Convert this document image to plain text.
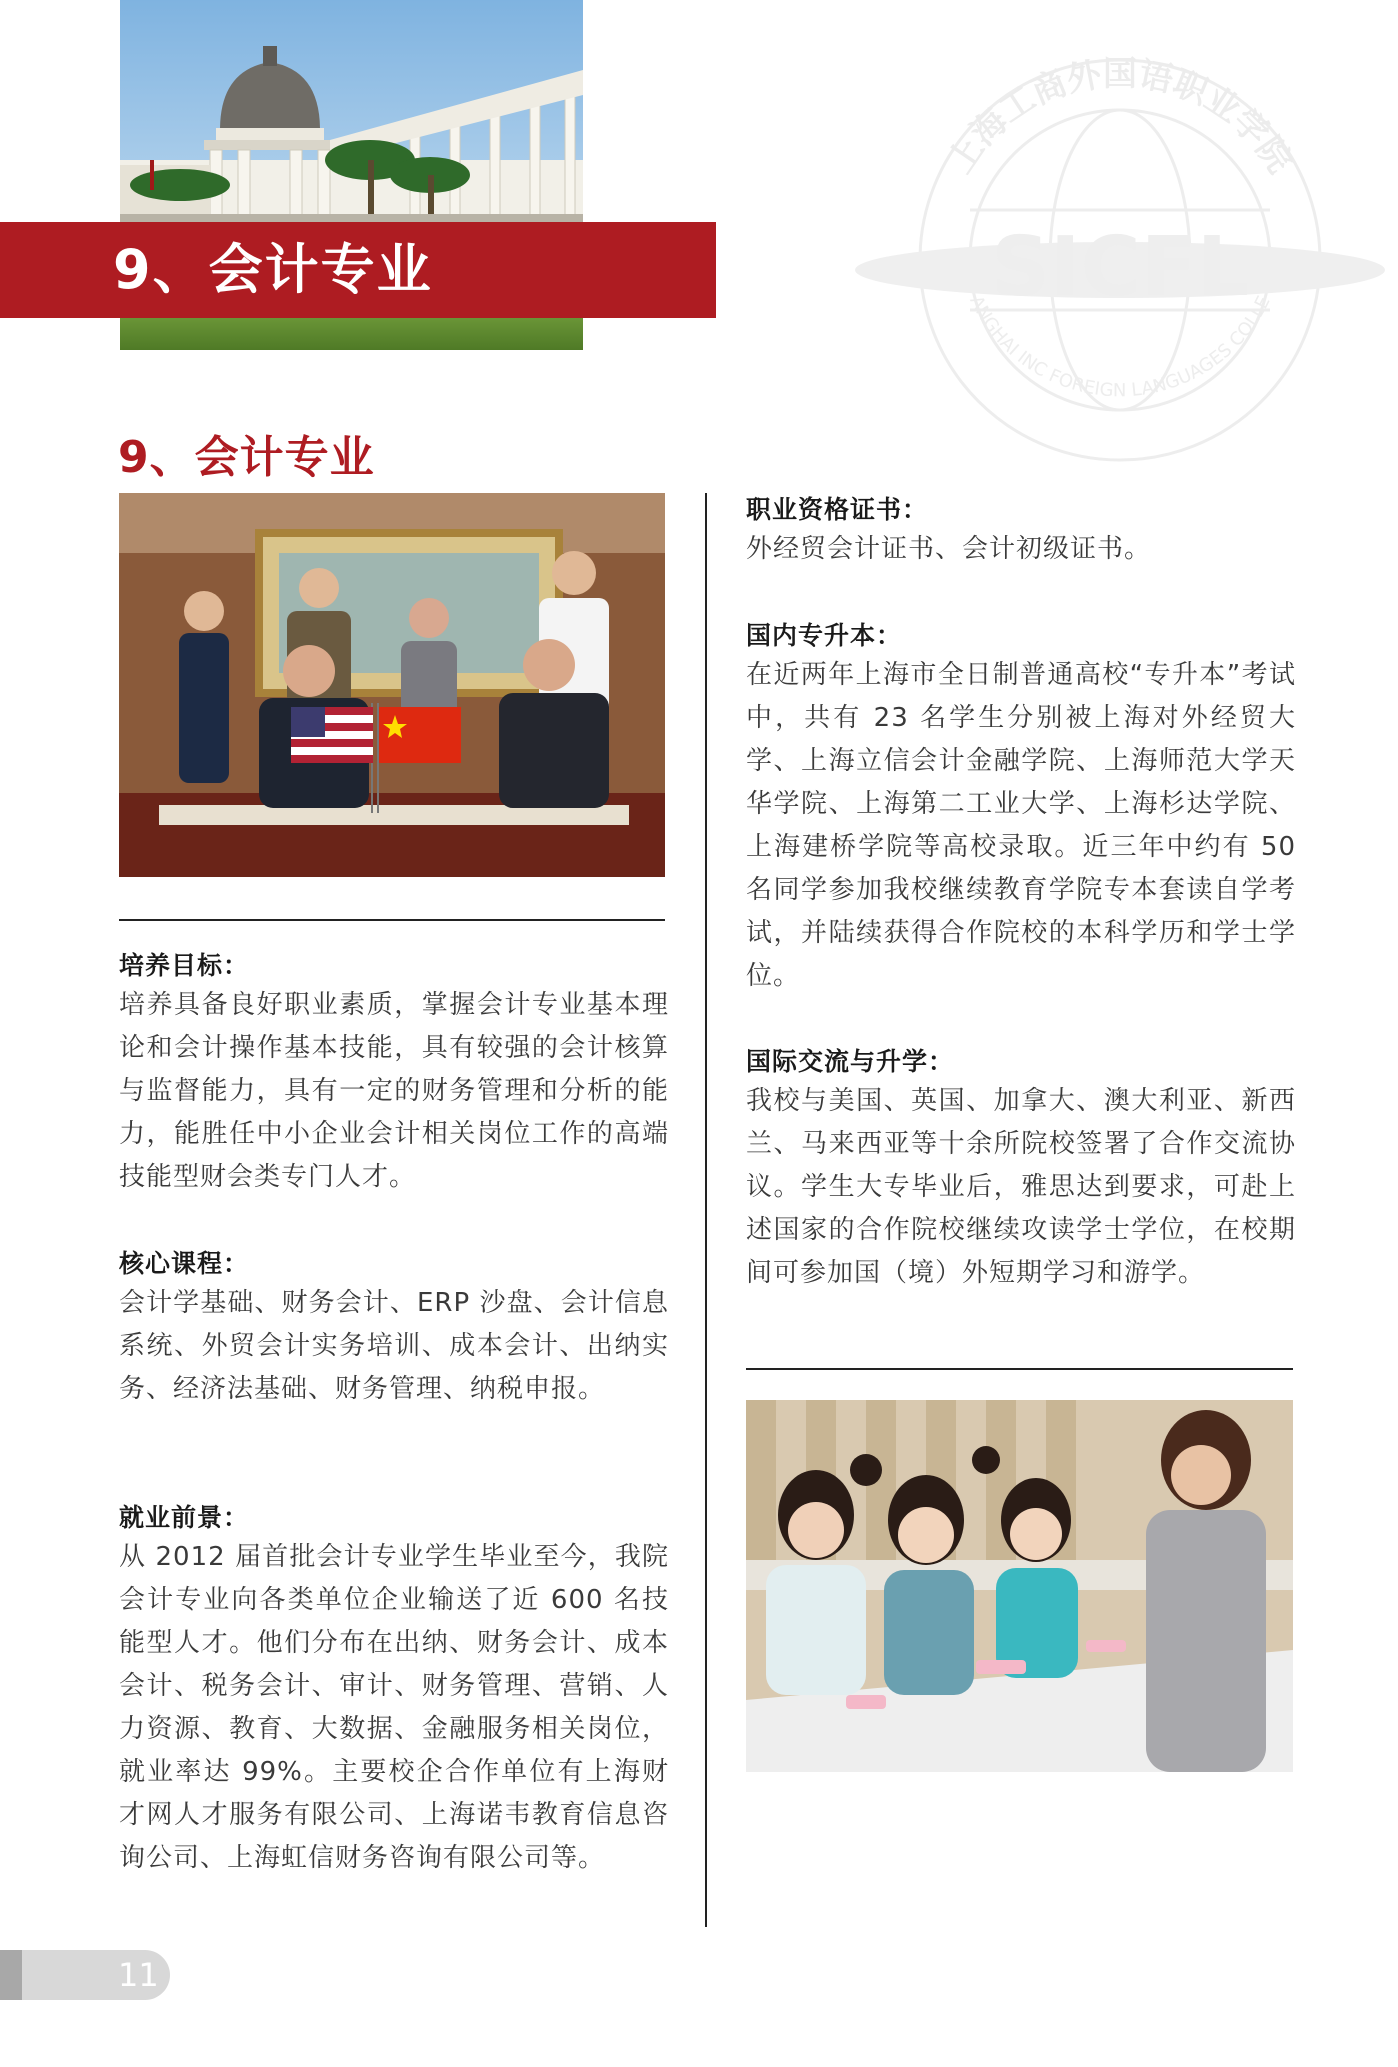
9、会计专业	SICFL
上海工商外国语职业学院
ANGHAI INC FOREIGN LANGUAGES COLLE
9、会计专业
培养目标：

培养具备良好职业素质，掌握会计专业基本理论和会计操作基本技能，具有较强的会计核算与监督能力，具有一定的财务管理和分析的能力，能胜任中小企业会计相关岗位工作的高端技能型财会类专门人才。

核心课程：

会计学基础、财务会计、ERP 沙盘、会计信息系统、外贸会计实务培训、成本会计、出纳实务、经济法基础、财务管理、纳税申报。

就业前景：

从 2012 届首批会计专业学生毕业至今，我院会计专业向各类单位企业输送了近 600 名技能型人才。他们分布在出纳、财务会计、成本会计、税务会计、审计、财务管理、营销、人力资源、教育、大数据、金融服务相关岗位，就业率达 99%。主要校企合作单位有上海财才网人才服务有限公司、上海诺韦教育信息咨询公司、上海虹信财务咨询有限公司等。

职业资格证书：

外经贸会计证书、会计初级证书。

国内专升本：

在近两年上海市全日制普通高校“专升本”考试中，共有 23 名学生分别被上海对外经贸大学、上海立信会计金融学院、上海师范大学天华学院、上海第二工业大学、上海杉达学院、上海建桥学院等高校录取。近三年中约有 50 名同学参加我校继续教育学院专本套读自学考试，并陆续获得合作院校的本科学历和学士学位。

国际交流与升学：

我校与美国、英国、加拿大、澳大利亚、新西兰、马来西亚等十余所院校签署了合作交流协议。学生大专毕业后，雅思达到要求，可赴上述国家的合作院校继续攻读学士学位，在校期间可参加国（境）外短期学习和游学。

11
